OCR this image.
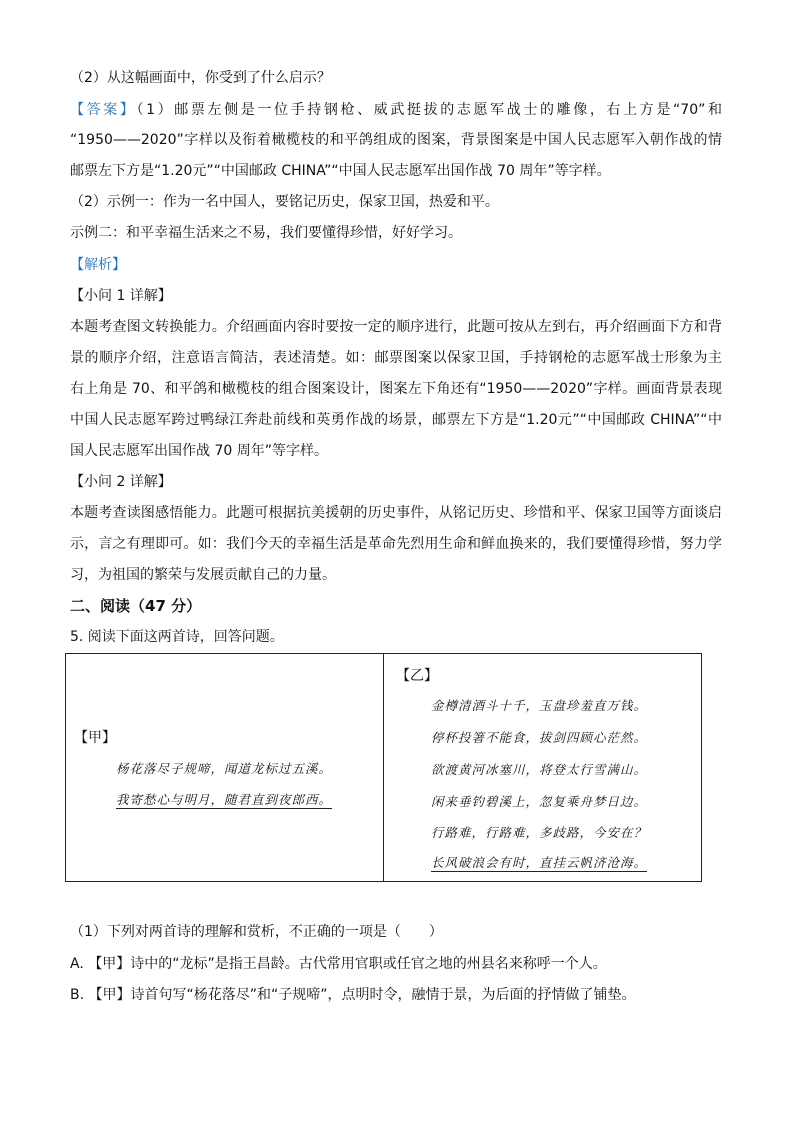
（2）从这幅画面中，你受到了什么启示？
【答案】（1）邮票左侧是一位手持钢枪、威武挺拔的志愿军战士的雕像，右上方是“70”和
“1950——2020”字样以及衔着橄榄枝的和平鸽组成的图案，背景图案是中国人民志愿军入朝作战的情
邮票左下方是“1.20元”“中国邮政 CHINA”“中国人民志愿军出国作战 70 周年”等字样。
（2）示例一：作为一名中国人，要铭记历史，保家卫国，热爱和平。
示例二：和平幸福生活来之不易，我们要懂得珍惜，好好学习。
【解析】
【小问 1 详解】
本题考查图文转换能力。介绍画面内容时要按一定的顺序进行，此题可按从左到右，再介绍画面下方和背
景的顺序介绍，注意语言简洁，表述清楚。如：邮票图案以保家卫国，手持钢枪的志愿军战士形象为主
右上角是 70、和平鸽和橄榄枝的组合图案设计，图案左下角还有“1950——2020”字样。画面背景表现
中国人民志愿军跨过鸭绿江奔赴前线和英勇作战的场景，邮票左下方是“1.20元”“中国邮政 CHINA”“中
国人民志愿军出国作战 70 周年”等字样。
【小问 2 详解】
本题考查读图感悟能力。此题可根据抗美援朝的历史事件，从铭记历史、珍惜和平、保家卫国等方面谈启
示，言之有理即可。如：我们今天的幸福生活是革命先烈用生命和鲜血换来的，我们要懂得珍惜，努力学
习，为祖国的繁荣与发展贡献自己的力量。
二、阅读（47 分）
5. 阅读下面这两首诗，回答问题。
【甲】
杨花落尽子规啼，闻道龙标过五溪。
我寄愁心与明月，随君直到夜郎西。
【乙】
金樽清酒斗十千，玉盘珍羞直万钱。
停杯投箸不能食，拔剑四顾心茫然。
欲渡黄河冰塞川，将登太行雪满山。
闲来垂钓碧溪上，忽复乘舟梦日边。
行路难，行路难，多歧路，今安在？
长风破浪会有时，直挂云帆济沧海。
（1）下列对两首诗的理解和赏析，不正确的一项是（　　）
A. 【甲】诗中的“龙标”是指王昌龄。古代常用官职或任官之地的州县名来称呼一个人。
B. 【甲】诗首句写“杨花落尽”和“子规啼”，点明时令，融情于景，为后面的抒情做了铺垫。
